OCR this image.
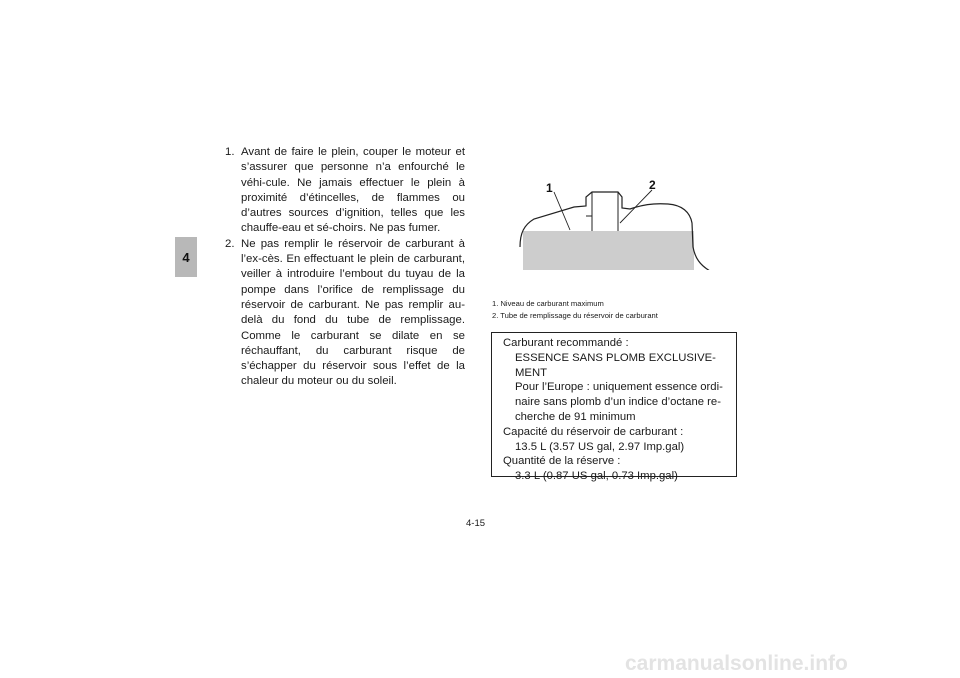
4
1. Avant de faire le plein, couper le moteur et s’assurer que personne n’a enfourché le véhi-cule. Ne jamais effectuer le plein à proximité d’étincelles, de flammes ou d’autres sources d’ignition, telles que les chauffe-eau et sé-choirs. Ne pas fumer.
2. Ne pas remplir le réservoir de carburant à l’ex-cès. En effectuant le plein de carburant, veiller à introduire l’embout du tuyau de la pompe dans l’orifice de remplissage du réservoir de carburant. Ne pas remplir au-delà du fond du tube de remplissage. Comme le carburant se dilate en se réchauffant, du carburant risque de s’échapper du réservoir sous l’effet de la chaleur du moteur ou du soleil.
1	2
1. Niveau de carburant maximum
2. Tube de remplissage du réservoir de carburant
Carburant recommandé :
ESSENCE SANS PLOMB EXCLUSIVE-
MENT
Pour l’Europe : uniquement essence ordi-
naire sans plomb d’un indice d’octane re-
cherche de 91 minimum
Capacité du réservoir de carburant :
13.5 L (3.57 US gal, 2.97 Imp.gal)
Quantité de la réserve :
3.3 L (0.87 US gal, 0.73 Imp.gal)
4-15
carmanualsonline.info
